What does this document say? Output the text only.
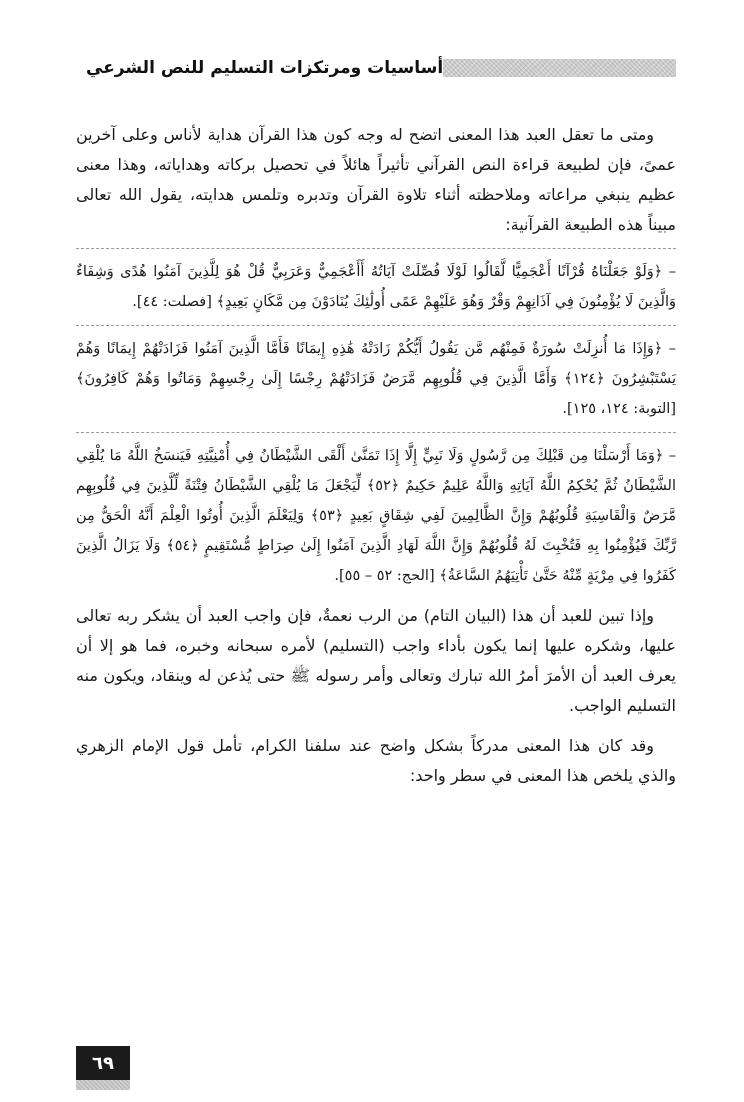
أساسيات ومرتكزات التسليم للنص الشرعي

ومتى ما تعقل العبد هذا المعنى اتضح له وجه كون هذا القرآن هداية لأناس وعلى آخرين عمىً، فإن لطبيعة قراءة النص القرآني تأثيراً هائلاً في تحصيل بركاته وهداياته، وهذا معنى عظيم ينبغي مراعاته وملاحظته أثناء تلاوة القرآن وتدبره وتلمس هدايته، يقول الله تعالى مبيناً هذه الطبيعة القرآنية:

– ﴿وَلَوْ جَعَلْنَاهُ قُرْآنًا أَعْجَمِيًّا لَّقَالُوا لَوْلَا فُصِّلَتْ آيَاتُهُ أَأَعْجَمِيٌّ وَعَرَبِيٌّ قُلْ هُوَ لِلَّذِينَ آمَنُوا هُدًى وَشِفَاءٌ وَالَّذِينَ لَا يُؤْمِنُونَ فِي آذَانِهِمْ وَقْرٌ وَهُوَ عَلَيْهِمْ عَمًى أُولَٰئِكَ يُنَادَوْنَ مِن مَّكَانٍ بَعِيدٍ﴾ [فصلت: ٤٤].

– ﴿وَإِذَا مَا أُنزِلَتْ سُورَةٌ فَمِنْهُم مَّن يَقُولُ أَيُّكُمْ زَادَتْهُ هَٰذِهِ إِيمَانًا فَأَمَّا الَّذِينَ آمَنُوا فَزَادَتْهُمْ إِيمَانًا وَهُمْ يَسْتَبْشِرُونَ ﴿١٢٤﴾ وَأَمَّا الَّذِينَ فِي قُلُوبِهِم مَّرَضٌ فَزَادَتْهُمْ رِجْسًا إِلَىٰ رِجْسِهِمْ وَمَاتُوا وَهُمْ كَافِرُونَ﴾ [التوبة: ١٢٤، ١٢٥].

– ﴿وَمَا أَرْسَلْنَا مِن قَبْلِكَ مِن رَّسُولٍ وَلَا نَبِيٍّ إِلَّا إِذَا تَمَنَّىٰ أَلْقَى الشَّيْطَانُ فِي أُمْنِيَّتِهِ فَيَنسَخُ اللَّهُ مَا يُلْقِي الشَّيْطَانُ ثُمَّ يُحْكِمُ اللَّهُ آيَاتِهِ وَاللَّهُ عَلِيمٌ حَكِيمٌ ﴿٥٢﴾ لِّيَجْعَلَ مَا يُلْقِي الشَّيْطَانُ فِتْنَةً لِّلَّذِينَ فِي قُلُوبِهِم مَّرَضٌ وَالْقَاسِيَةِ قُلُوبُهُمْ وَإِنَّ الظَّالِمِينَ لَفِي شِقَاقٍ بَعِيدٍ ﴿٥٣﴾ وَلِيَعْلَمَ الَّذِينَ أُوتُوا الْعِلْمَ أَنَّهُ الْحَقُّ مِن رَّبِّكَ فَيُؤْمِنُوا بِهِ فَتُخْبِتَ لَهُ قُلُوبُهُمْ وَإِنَّ اللَّهَ لَهَادِ الَّذِينَ آمَنُوا إِلَىٰ صِرَاطٍ مُّسْتَقِيمٍ ﴿٥٤﴾ وَلَا يَزَالُ الَّذِينَ كَفَرُوا فِي مِرْيَةٍ مِّنْهُ حَتَّىٰ تَأْتِيَهُمُ السَّاعَةُ﴾ [الحج: ٥٢ – ٥٥].

وإذا تبين للعبد أن هذا (البيان التام) من الرب نعمةٌ، فإن واجب العبد أن يشكر ربه تعالى عليها، وشكره عليها إنما يكون بأداء واجب (التسليم) لأمره سبحانه وخبره، فما هو إلا أن يعرف العبد أن الأمرَ أمرُ الله تبارك وتعالى وأمر رسوله ﷺ حتى يُذعن له وينقاد، ويكون منه التسليم الواجب.

وقد كان هذا المعنى مدركاً بشكل واضح عند سلفنا الكرام، تأمل قول الإمام الزهري والذي يلخص هذا المعنى في سطر واحد:

٦٩
